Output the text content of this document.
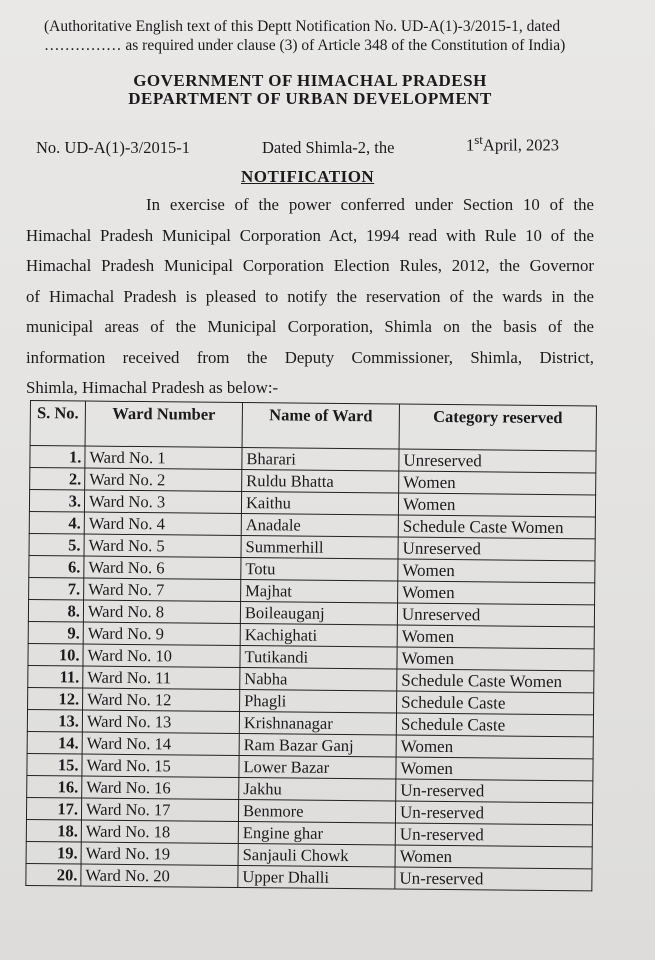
(Authoritative English text of this Deptt Notification No. UD-A(1)-3/2015-1, dated
…………… as required under clause (3) of Article 348 of the Constitution of India)
GOVERNMENT OF HIMACHAL PRADESH
DEPARTMENT OF URBAN DEVELOPMENT
No. UD-A(1)-3/2015-1	Dated Shimla-2, the	1stApril, 2023
NOTIFICATION
In exercise of the power conferred under Section 10 of the
Himachal Pradesh Municipal Corporation Act, 1994 read with Rule 10 of the
Himachal Pradesh Municipal Corporation Election Rules, 2012, the Governor
of Himachal Pradesh is pleased to notify the reservation of the wards in the
municipal areas of the Municipal Corporation, Shimla on the basis of the
information received from the Deputy Commissioner, Shimla, District,
Shimla, Himachal Pradesh as below:-
S. No.	Ward Number	Name of Ward	Category reserved
1.	Ward No. 1	Bharari	Unreserved
2.	Ward No. 2	Ruldu Bhatta	Women
3.	Ward No. 3	Kaithu	Women
4.	Ward No. 4	Anadale	Schedule Caste Women
5.	Ward No. 5	Summerhill	Unreserved
6.	Ward No. 6	Totu	Women
7.	Ward No. 7	Majhat	Women
8.	Ward No. 8	Boileauganj	Unreserved
9.	Ward No. 9	Kachighati	Women
10.	Ward No. 10	Tutikandi	Women
11.	Ward No. 11	Nabha	Schedule Caste Women
12.	Ward No. 12	Phagli	Schedule Caste
13.	Ward No. 13	Krishnanagar	Schedule Caste
14.	Ward No. 14	Ram Bazar Ganj	Women
15.	Ward No. 15	Lower Bazar	Women
16.	Ward No. 16	Jakhu	Un-reserved
17.	Ward No. 17	Benmore	Un-reserved
18.	Ward No. 18	Engine ghar	Un-reserved
19.	Ward No. 19	Sanjauli Chowk	Women
20.	Ward No. 20	Upper Dhalli	Un-reserved
